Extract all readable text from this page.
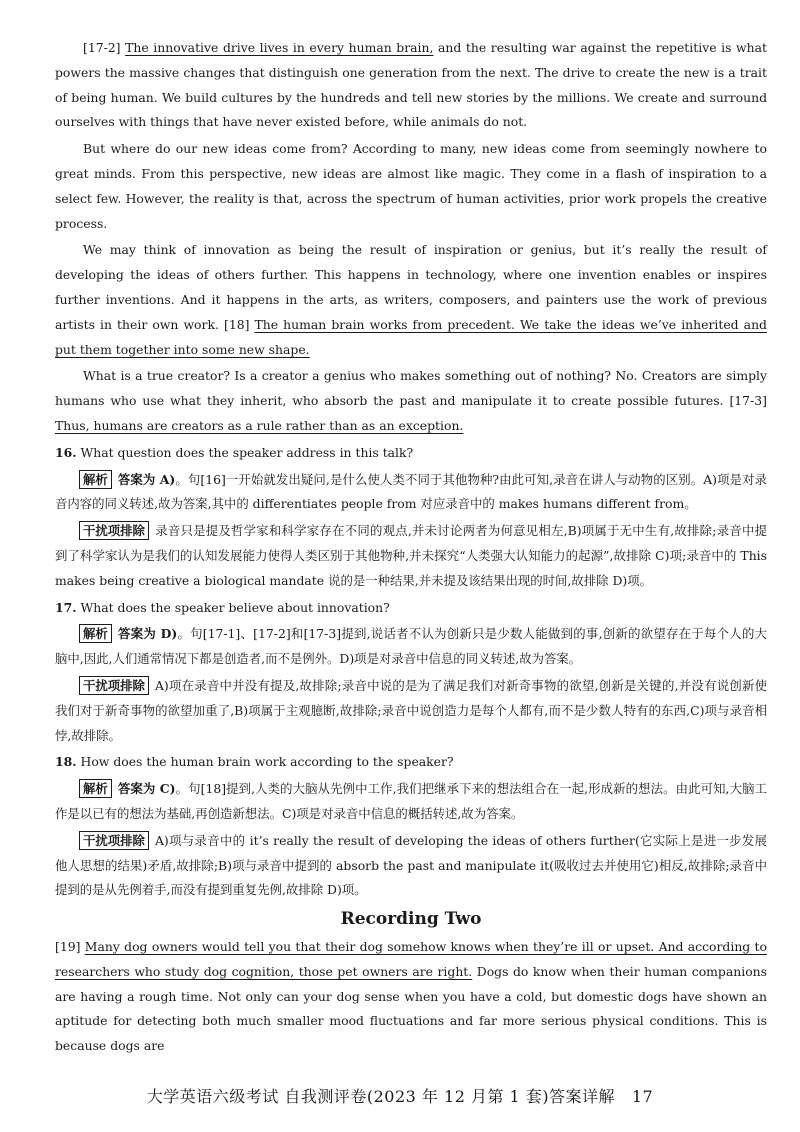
[17-2] The innovative drive lives in every human brain, and the resulting war against the repetitive is what powers the massive changes that distinguish one generation from the next. The drive to create the new is a trait of being human. We build cultures by the hundreds and tell new stories by the millions. We create and surround ourselves with things that have never existed before, while animals do not.

But where do our new ideas come from? According to many, new ideas come from seemingly nowhere to great minds. From this perspective, new ideas are almost like magic. They come in a flash of inspiration to a select few. However, the reality is that, across the spectrum of human activities, prior work propels the creative process.

We may think of innovation as being the result of inspiration or genius, but it’s really the result of developing the ideas of others further. This happens in technology, where one invention enables or inspires further inventions. And it happens in the arts, as writers, composers, and painters use the work of previous artists in their own work. [18] The human brain works from precedent. We take the ideas we’ve inherited and put them together into some new shape.

What is a true creator? Is a creator a genius who makes something out of nothing? No. Creators are simply humans who use what they inherit, who absorb the past and manipulate it to create possible futures. [17-3] Thus, humans are creators as a rule rather than as an exception.

16. What question does the speaker address in this talk?

解析 答案为 A)。句[16]一开始就发出疑问,是什么使人类不同于其他物种?由此可知,录音在讲人与动物的区别。A)项是对录音内容的同义转述,故为答案,其中的 differentiates people from 对应录音中的 makes humans different from。

干扰项排除 录音只是提及哲学家和科学家存在不同的观点,并未讨论两者为何意见相左,B)项属于无中生有,故排除;录音中提到了科学家认为是我们的认知发展能力使得人类区别于其他物种,并未探究“人类强大认知能力的起源”,故排除 C)项;录音中的 This makes being creative a biological mandate 说的是一种结果,并未提及该结果出现的时间,故排除 D)项。

17. What does the speaker believe about innovation?

解析 答案为 D)。句[17-1]、[17-2]和[17-3]提到,说话者不认为创新只是少数人能做到的事,创新的欲望存在于每个人的大脑中,因此,人们通常情况下都是创造者,而不是例外。D)项是对录音中信息的同义转述,故为答案。

干扰项排除 A)项在录音中并没有提及,故排除;录音中说的是为了满足我们对新奇事物的欲望,创新是关键的,并没有说创新使我们对于新奇事物的欲望加重了,B)项属于主观臆断,故排除;录音中说创造力是每个人都有,而不是少数人特有的东西,C)项与录音相悖,故排除。

18. How does the human brain work according to the speaker?

解析 答案为 C)。句[18]提到,人类的大脑从先例中工作,我们把继承下来的想法组合在一起,形成新的想法。由此可知,大脑工作是以已有的想法为基础,再创造新想法。C)项是对录音中信息的概括转述,故为答案。

干扰项排除 A)项与录音中的 it’s really the result of developing the ideas of others further(它实际上是进一步发展他人思想的结果)矛盾,故排除;B)项与录音中提到的 absorb the past and manipulate it(吸收过去并使用它)相反,故排除;录音中提到的是从先例着手,而没有提到重复先例,故排除 D)项。

Recording Two

[19] Many dog owners would tell you that their dog somehow knows when they’re ill or upset. And according to researchers who study dog cognition, those pet owners are right. Dogs do know when their human companions are having a rough time. Not only can your dog sense when you have a cold, but domestic dogs have shown an aptitude for detecting both much smaller mood fluctuations and far more serious physical conditions. This is because dogs are

大学英语六级考试 自我测评卷(2023 年 12 月第 1 套)答案详解 17
